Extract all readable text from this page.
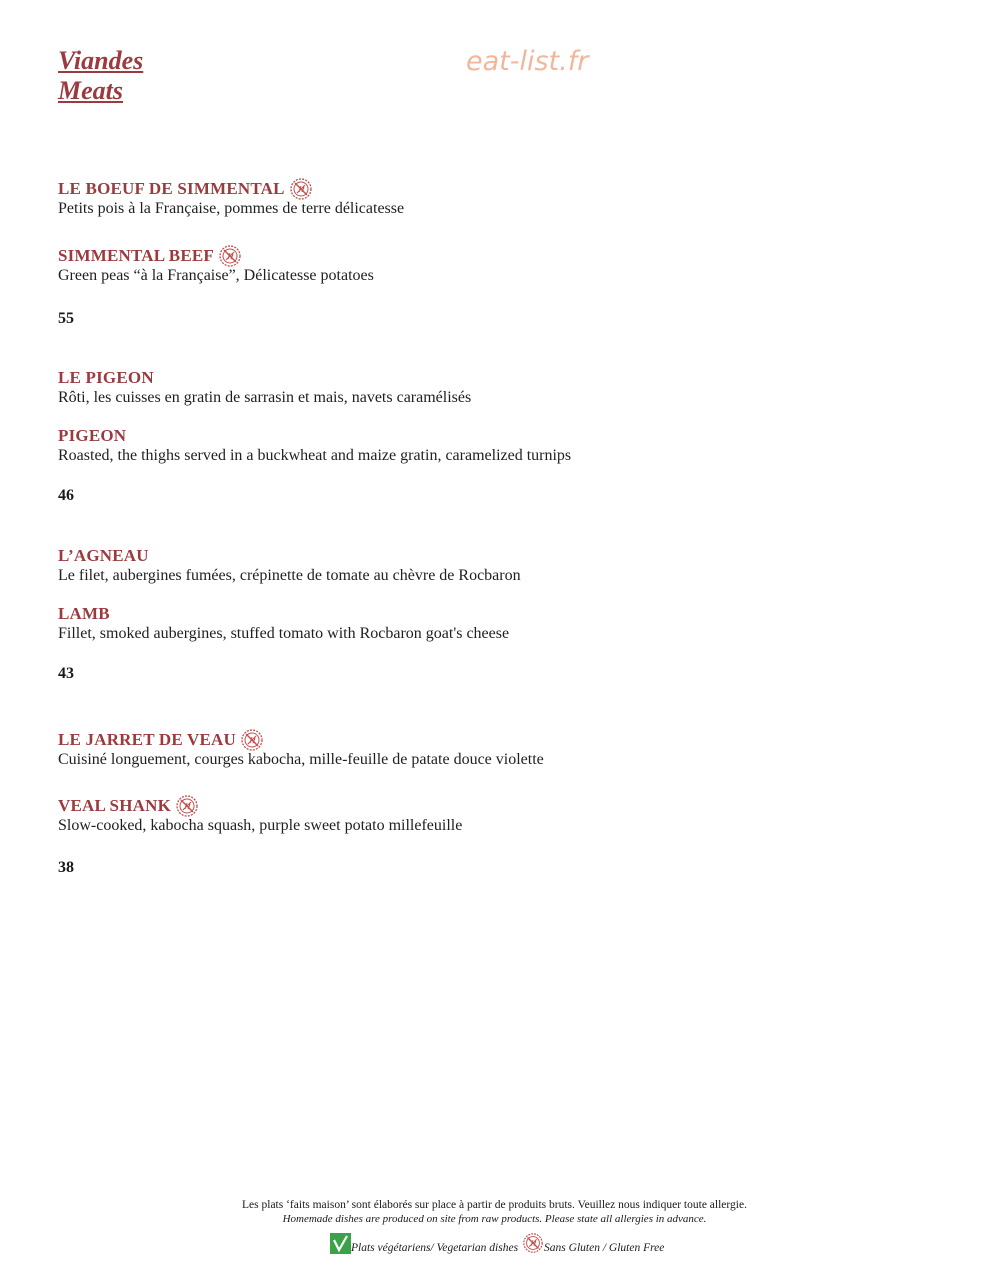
Viandes
Meats
eat-list.fr
LE BOEUF DE SIMMENTAL
Petits pois à la Française, pommes de terre délicatesse
SIMMENTAL BEEF
Green peas “à la Française”, Délicatesse potatoes
55
LE PIGEON
Rôti, les cuisses en gratin de sarrasin et mais, navets caramélisés
PIGEON
Roasted, the thighs served in a buckwheat and maize gratin, caramelized turnips
46
L’AGNEAU
Le filet, aubergines fumées, crépinette de tomate au chèvre de Rocbaron
LAMB
Fillet, smoked aubergines, stuffed tomato with Rocbaron goat's cheese
43
LE JARRET DE VEAU
Cuisiné longuement, courges kabocha, mille-feuille de patate douce violette
VEAL SHANK
Slow-cooked, kabocha squash, purple sweet potato millefeuille
38
Les plats ‘faits maison’ sont élaborés sur place à partir de produits bruts. Veuillez nous indiquer toute allergie.
Homemade dishes are produced on site from raw products. Please state all allergies in advance.
Plats végétariens/ Vegetarian dishes Sans Gluten / Gluten Free
